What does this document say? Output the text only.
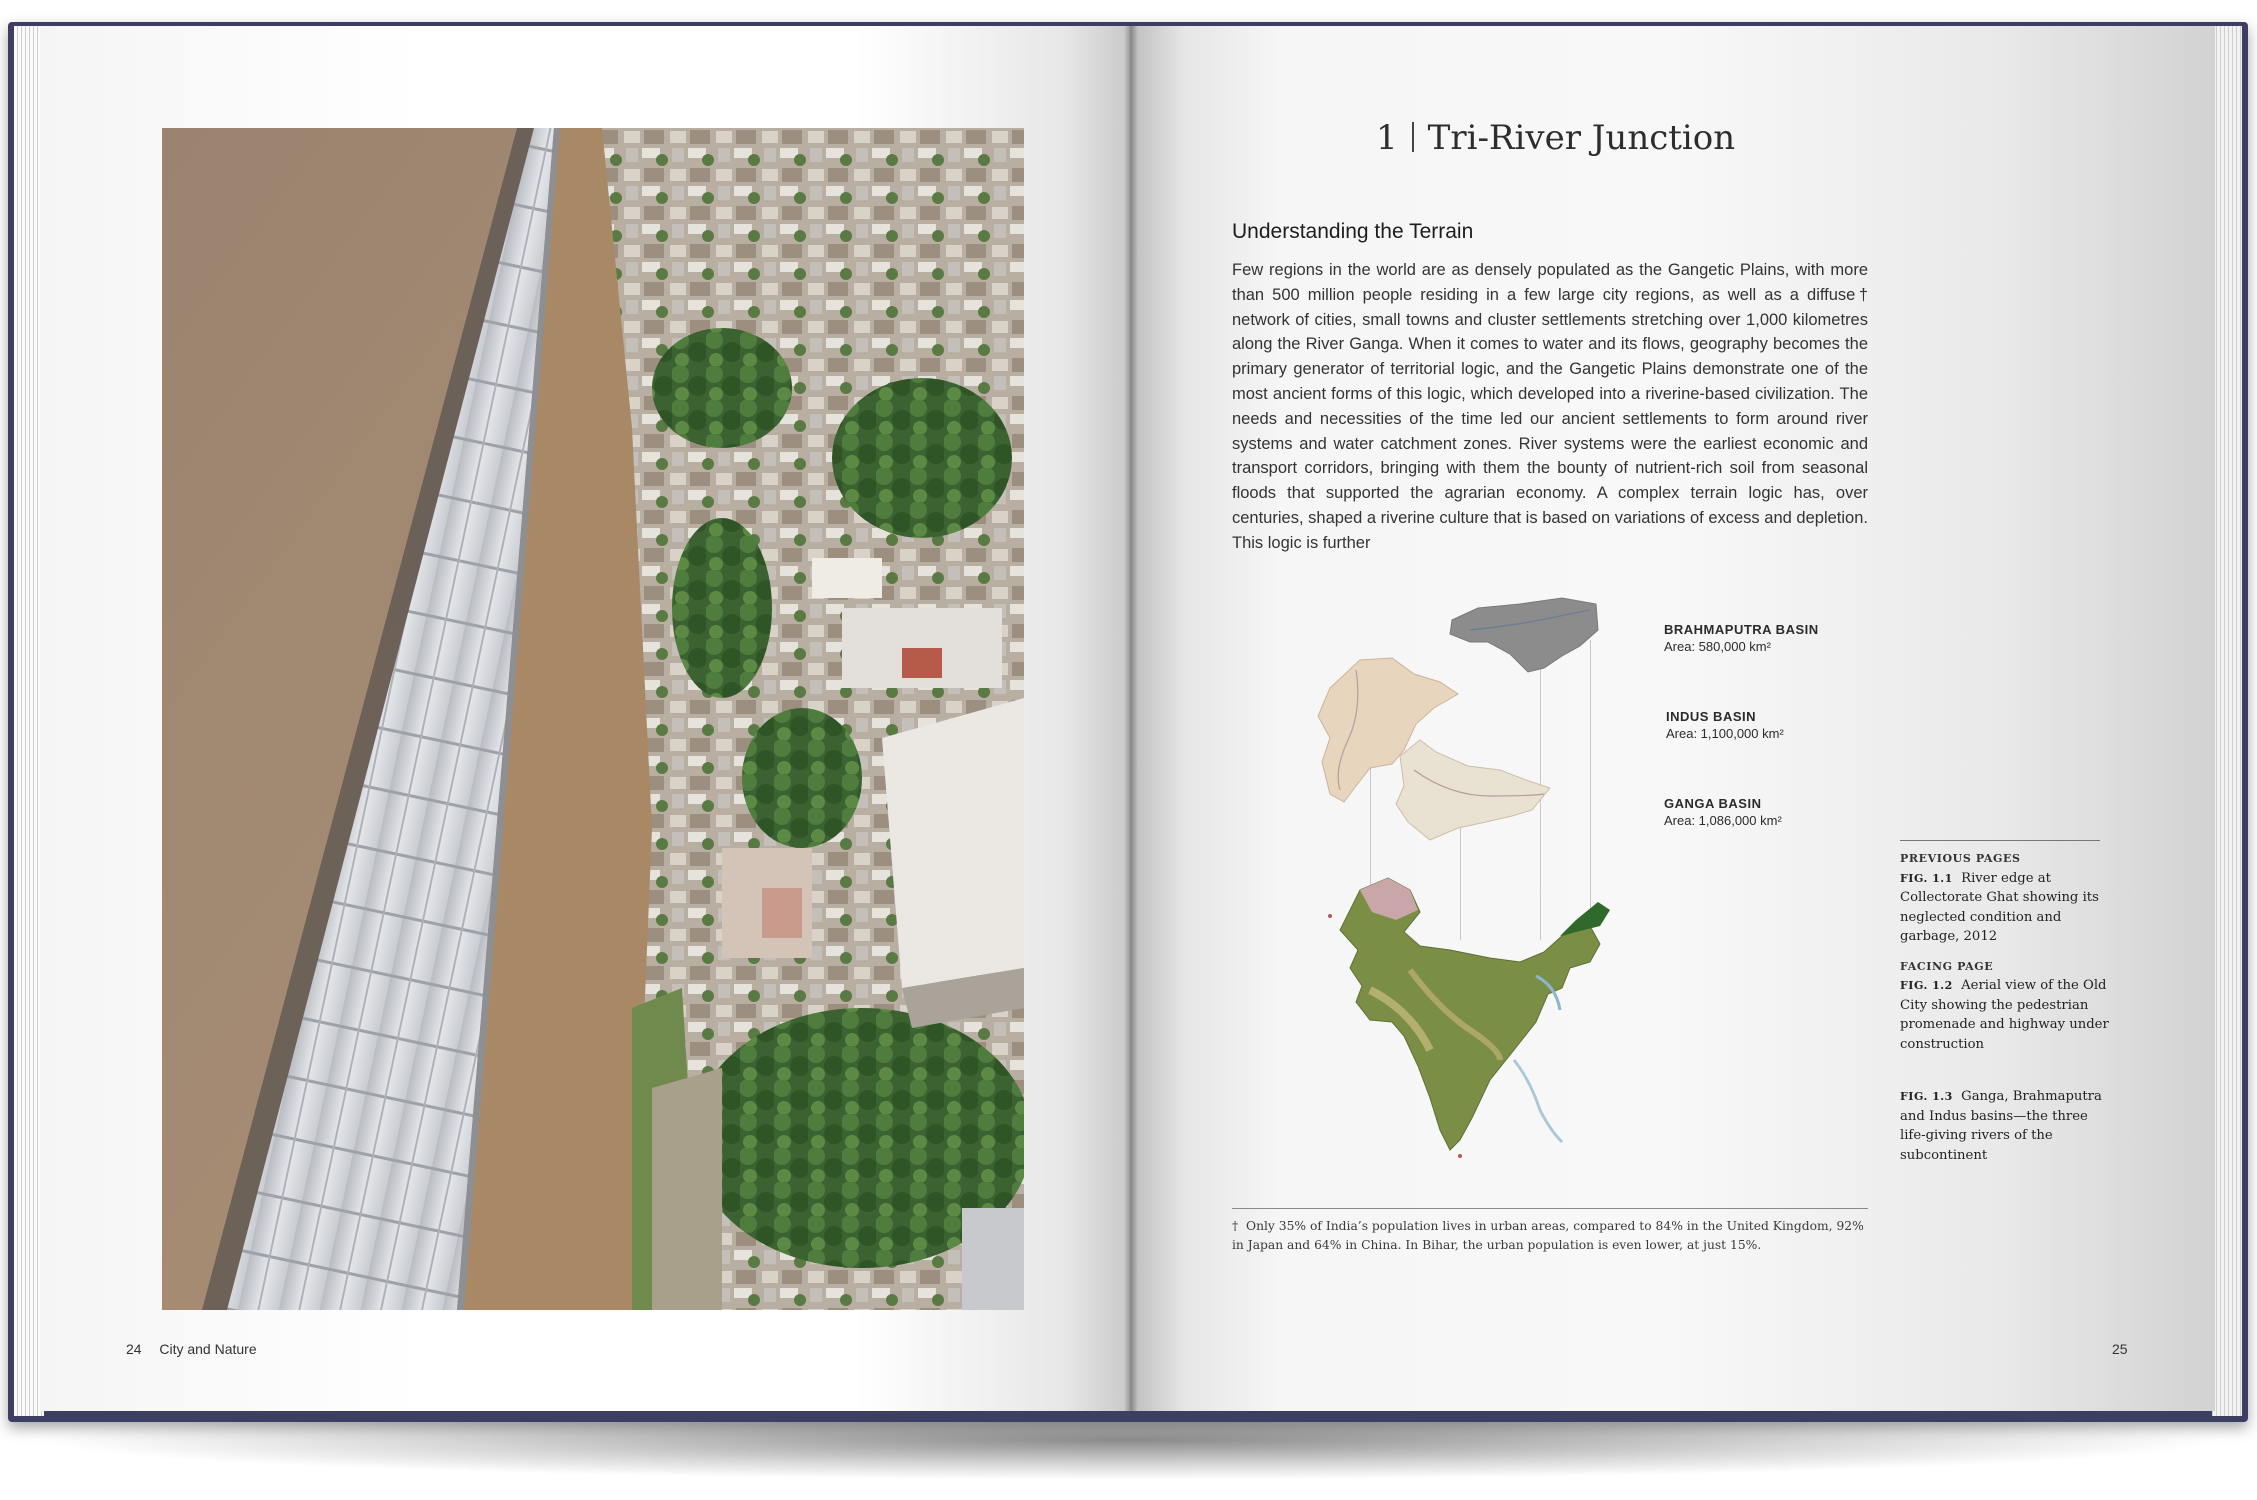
24 City and Nature
1 Tri-River Junction
Understanding the Terrain
Few regions in the world are as densely populated as the Gangetic Plains, with more than 500 million people residing in a few large city regions, as well as a diffuse† network of cities, small towns and cluster settlements stretching over 1,000 kilometres along the River Ganga. When it comes to water and its flows, geography becomes the primary generator of territorial logic, and the Gangetic Plains demonstrate one of the most ancient forms of this logic, which developed into a riverine-based civilization. The needs and necessities of the time led our ancient settlements to form around river systems and water catchment zones. River systems were the earliest economic and transport corridors, bringing with them the bounty of nutrient-rich soil from seasonal floods that supported the agrarian economy. A complex terrain logic has, over centuries, shaped a riverine culture that is based on variations of excess and depletion. This logic is further
BRAHMAPUTRA BASIN
Area: 580,000 km²
INDUS BASIN
Area: 1,100,000 km²
GANGA BASIN
Area: 1,086,000 km²
PREVIOUS PAGES
FIG. 1.1 River edge at Collectorate Ghat showing its neglected condition and garbage, 2012
FACING PAGE
FIG. 1.2 Aerial view of the Old City showing the pedestrian promenade and highway under construction
FIG. 1.3 Ganga, Brahmaputra and Indus basins—the three life-giving rivers of the subcontinent
† Only 35% of India’s population lives in urban areas, compared to 84% in the United Kingdom, 92% in Japan and 64% in China. In Bihar, the urban population is even lower, at just 15%.
25
